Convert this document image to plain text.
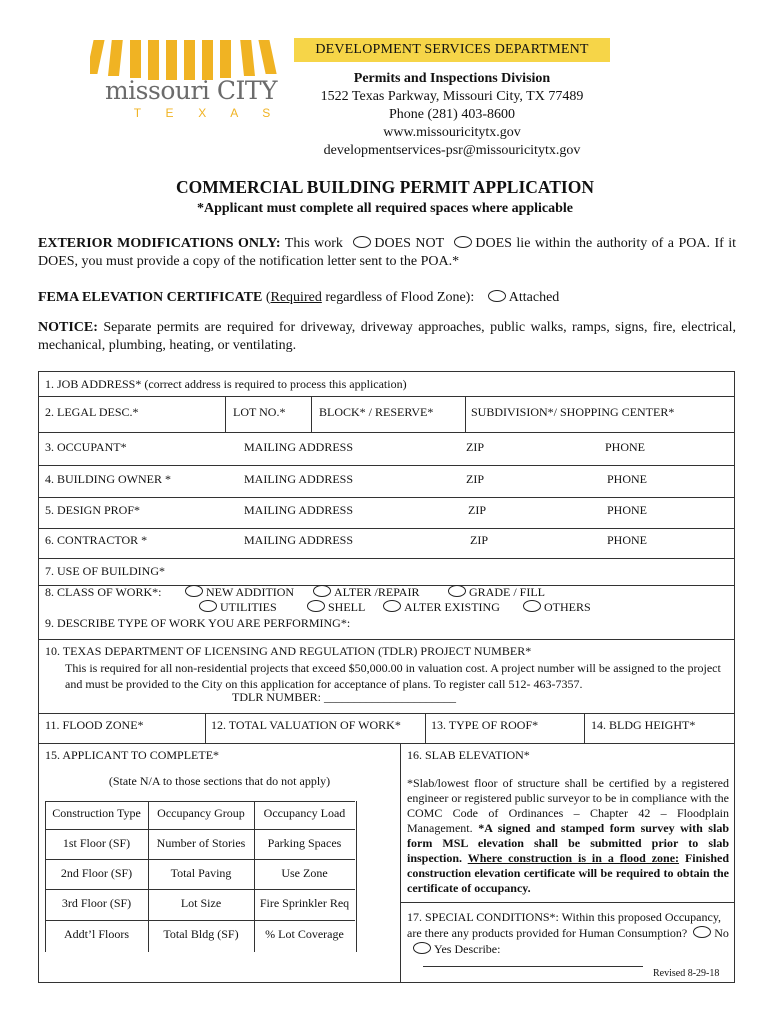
missouri CITY
T  E  X  A  S
DEVELOPMENT SERVICES DEPARTMENT
Permits and Inspections Division
1522 Texas Parkway, Missouri City, TX 77489
Phone (281) 403-8600
www.missouricitytx.gov
developmentservices-psr@missouricitytx.gov
COMMERCIAL BUILDING PERMIT APPLICATION
*Applicant must complete all required spaces where applicable
EXTERIOR MODIFICATIONS ONLY: This work DOES NOT DOES lie within the authority of a POA. If it DOES, you must provide a copy of the notification letter sent to the POA.*
FEMA ELEVATION CERTIFICATE (Required regardless of Flood Zone): Attached
NOTICE: Separate permits are required for driveway, driveway approaches, public walks, ramps, signs, fire, electrical, mechanical, plumbing, heating, or ventilating.
1. JOB ADDRESS* (correct address is required to process this application)
2. LEGAL DESC.*	LOT NO.*	BLOCK* / RESERVE*	SUBDIVISION*/ SHOPPING CENTER*
3. OCCUPANT*	MAILING ADDRESS	ZIP	PHONE
4. BUILDING OWNER *	MAILING ADDRESS	ZIP	PHONE
5. DESIGN PROF*	MAILING ADDRESS	ZIP	PHONE
6. CONTRACTOR *	MAILING ADDRESS	ZIP	PHONE
7. USE OF BUILDING*
8. CLASS OF WORK*:	NEW ADDITION	ALTER /REPAIR	GRADE / FILL
UTILITIES	SHELL	ALTER EXISTING	OTHERS
9. DESCRIBE TYPE OF WORK YOU ARE PERFORMING*:
10. TEXAS DEPARTMENT OF LICENSING AND REGULATION (TDLR) PROJECT NUMBER*
This is required for all non-residential projects that exceed $50,000.00 in valuation cost. A project number will be assigned to the project and must be provided to the City on this application for acceptance of plans. To register call 512- 463-7357.
TDLR NUMBER: ______________________
11. FLOOD ZONE*	12. TOTAL VALUATION OF WORK*	13. TYPE OF ROOF*	14. BLDG HEIGHT*
15. APPLICANT TO COMPLETE*
(State N/A to those sections that do not apply)
Construction Type	Occupancy Group	Occupancy Load
1st Floor (SF)	Number of Stories	Parking Spaces
2nd Floor (SF)	Total Paving	Use Zone
3rd Floor (SF)	Lot Size	Fire Sprinkler Req
Addt’l Floors	Total Bldg (SF)	% Lot Coverage
16. SLAB ELEVATION*
*Slab/lowest floor of structure shall be certified by a registered engineer or registered public surveyor to be in compliance with the COMC Code of Ordinances – Chapter 42 – Floodplain Management. *A signed and stamped form survey with slab form MSL elevation shall be submitted prior to slab inspection. Where construction is in a flood zone: Finished construction elevation certificate will be required to obtain the certificate of occupancy.
17. SPECIAL CONDITIONS*: Within this proposed Occupancy, are there any products provided for Human Consumption? NoYes Describe:
Revised 8-29-18
